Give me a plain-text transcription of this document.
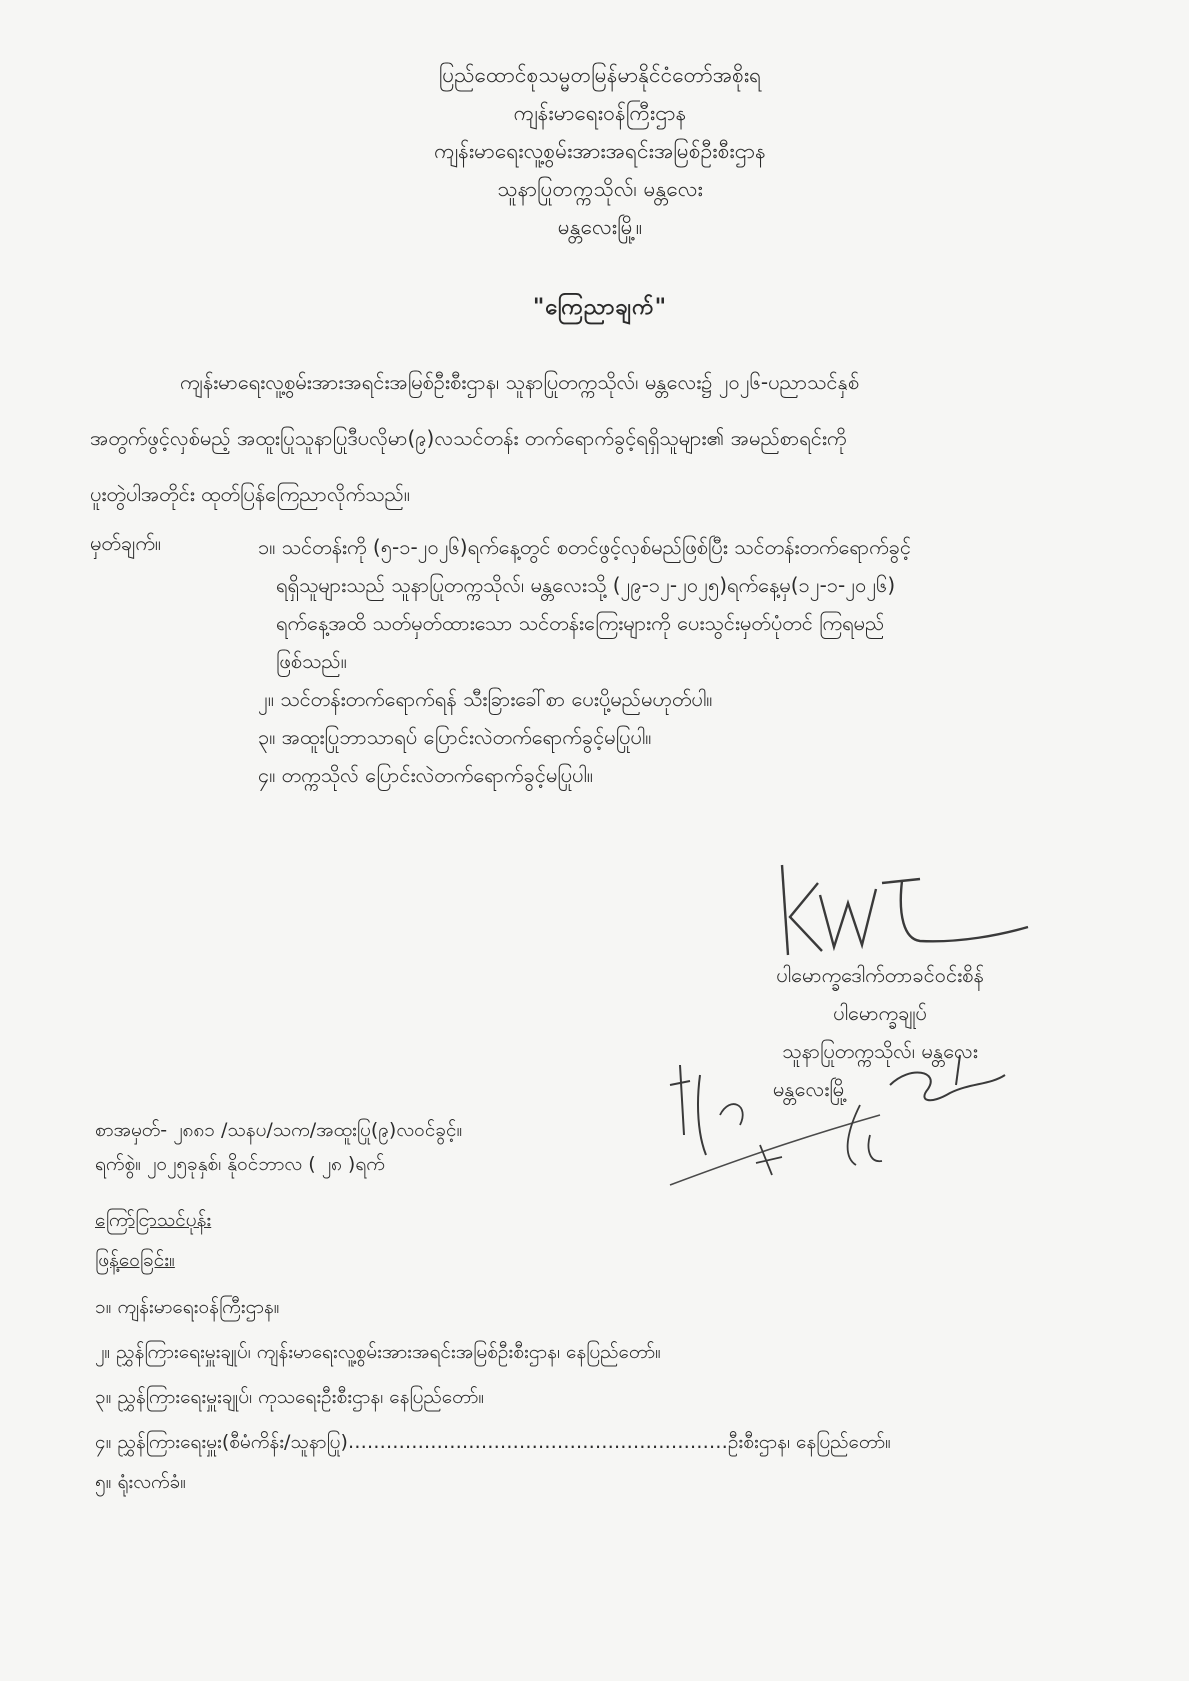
ပြည်ထောင်စုသမ္မတမြန်မာနိုင်ငံတော်အစိုးရ
ကျန်းမာရေးဝန်ကြီးဌာန
ကျန်းမာရေးလူ့စွမ်းအားအရင်းအမြစ်ဦးစီးဌာန
သူနာပြုတက္ကသိုလ်၊ မန္တလေး
မန္တလေးမြို့။
"ကြေညာချက်"
ကျန်းမာရေးလူ့စွမ်းအားအရင်းအမြစ်ဦးစီးဌာန၊ သူနာပြုတက္ကသိုလ်၊ မန္တလေး၌ ၂၀၂၆-ပညာသင်နှစ်
အတွက်ဖွင့်လှစ်မည့် အထူးပြုသူနာပြုဒီပလိုမာ(၉)လသင်တန်း တက်ရောက်ခွင့်ရရှိသူများ၏ အမည်စာရင်းကို
ပူးတွဲပါအတိုင်း ထုတ်ပြန်ကြေညာလိုက်သည်။
မှတ်ချက်။	၁။ သင်တန်းကို (၅-၁-၂၀၂၆)ရက်နေ့တွင် စတင်ဖွင့်လှစ်မည်ဖြစ်ပြီး သင်တန်းတက်ရောက်ခွင့်
ရရှိသူများသည် သူနာပြုတက္ကသိုလ်၊ မန္တလေးသို့ (၂၉-၁၂-၂၀၂၅)ရက်နေ့မှ(၁၂-၁-၂၀၂၆)
ရက်နေ့အထိ သတ်မှတ်ထားသော သင်တန်းကြေးများကို ပေးသွင်းမှတ်ပုံတင် ကြရမည်
ဖြစ်သည်။
၂။ သင်တန်းတက်ရောက်ရန် သီးခြားခေါ်စာ ပေးပို့မည်မဟုတ်ပါ။
၃။ အထူးပြုဘာသာရပ် ပြောင်းလဲတက်ရောက်ခွင့်မပြုပါ။
၄။ တက္ကသိုလ် ပြောင်းလဲတက်ရောက်ခွင့်မပြုပါ။
ပါမောက္ခဒေါက်တာခင်ဝင်းစိန်
ပါမောက္ခချုပ်
သူနာပြုတက္ကသိုလ်၊ မန္တလေး
မန္တလေးမြို့
စာအမှတ်- ၂၈၈၁ /သနပ/သက/အထူးပြု(၉)လဝင်ခွင့်။
ရက်စွဲ။ ၂၀၂၅ခုနှစ်၊ နိုဝင်ဘာလ ( ၂၈ )ရက်
ကြော်ငြာသင်ပုန်း
ဖြန့်ဝေခြင်း။
၁။ ကျန်းမာရေးဝန်ကြီးဌာန။
၂။ ညွှန်ကြားရေးမှူးချုပ်၊ ကျန်းမာရေးလူ့စွမ်းအားအရင်းအမြစ်ဦးစီးဌာန၊ နေပြည်တော်။
၃။ ညွှန်ကြားရေးမှူးချုပ်၊ ကုသရေးဦးစီးဌာန၊ နေပြည်တော်။
၄။ ညွှန်ကြားရေးမှူး(စီမံကိန်း/သူနာပြု)……………………………………………………ဦးစီးဌာန၊ နေပြည်တော်။
၅။ ရုံးလက်ခံ။
